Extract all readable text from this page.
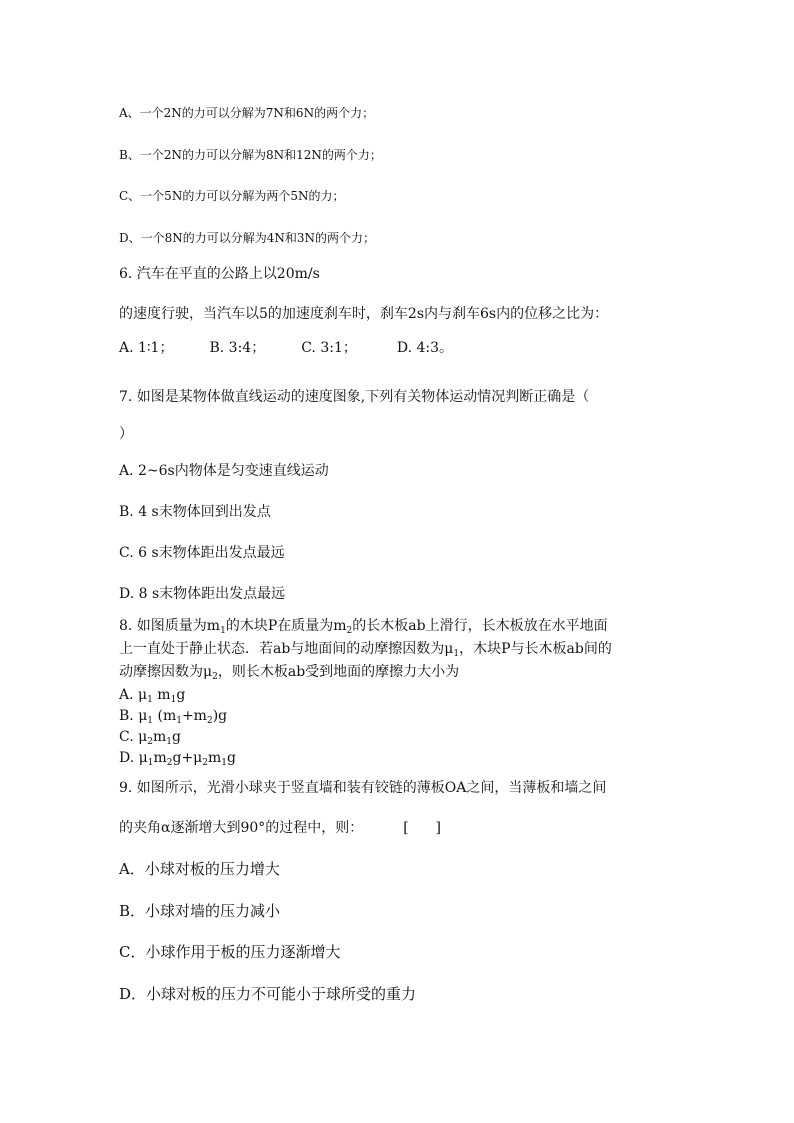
A、一个2N的力可以分解为7N和6N的两个力；
B、一个2N的力可以分解为8N和12N的两个力；
C、一个5N的力可以分解为两个5N的力；
D、一个8N的力可以分解为4N和3N的两个力；
6. 汽车在平直的公路上以20m/s
的速度行驶，当汽车以5的加速度刹车时，刹车2s内与刹车6s内的位移之比为：
A. 1∶1；	B. 3:4；	C. 3:1；	D. 4:3。
7. 如图是某物体做直线运动的速度图象,下列有关物体运动情况判断正确是（
）
A. 2~6s内物体是匀变速直线运动
B. 4 s末物体回到出发点
C. 6 s末物体距出发点最远
D. 8 s末物体距出发点最远
8. 如图质量为$m_1$的木块P在质量为$m_2$的长木板ab上滑行，长木板放在水平地面
上一直处于静止状态．若ab与地面间的动摩擦因数为$\mu_1$，木块P与长木板ab间的
动摩擦因数为$\mu_2$，则长木板ab受到地面的摩擦力大小为
A. $\mu_1$ $m_1g$
B. $\mu_1$ $(m_1+m_2)g$
C. $\mu_2m_1g$
D. $\mu_1m_2g+\mu_2m_1g$
9. 如图所示，光滑小球夹于竖直墙和装有铰链的薄板OA之间，当薄板和墙之间
的夹角α逐渐增大到90°的过程中，则：	[      ]
A．小球对板的压力增大
B．小球对墙的压力减小
C．小球作用于板的压力逐渐增大
D．小球对板的压力不可能小于球所受的重力
